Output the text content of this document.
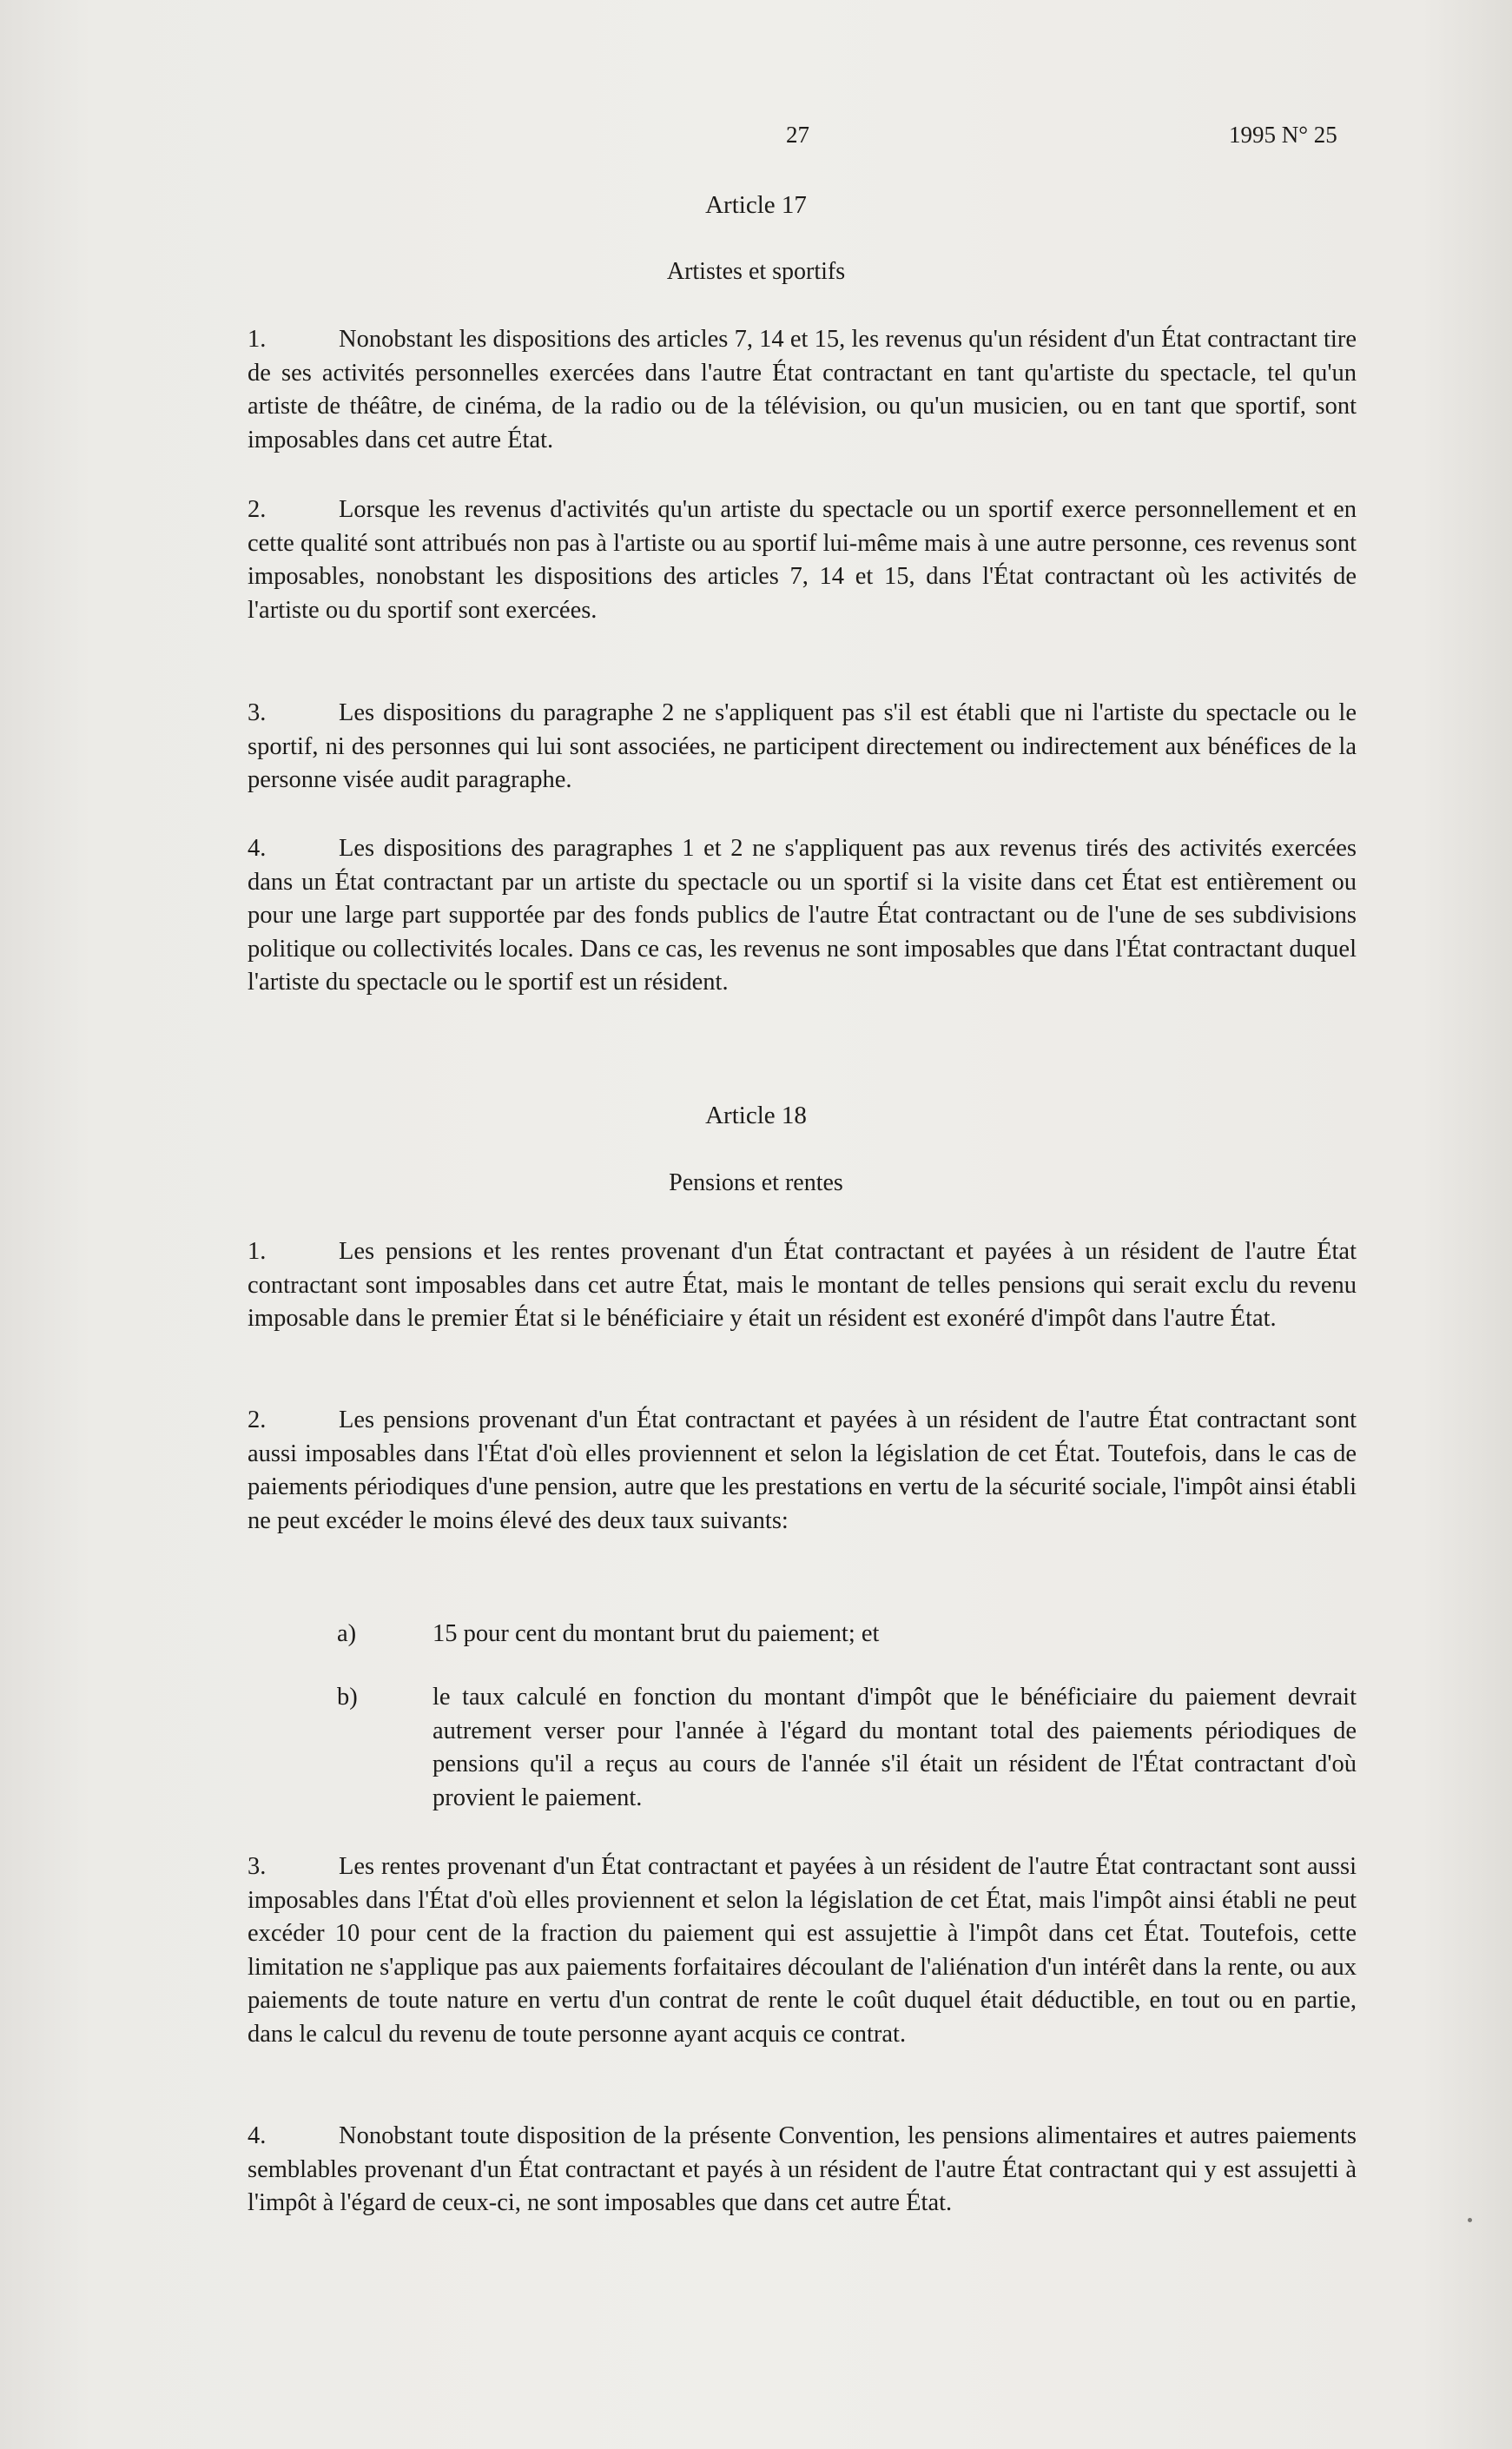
27	1995 N° 25
Article 17
Artistes et sportifs
1.	Nonobstant les dispositions des articles 7, 14 et 15, les revenus qu'un résident d'un État contractant tire de ses activités personnelles exercées dans l'autre État contractant en tant qu'artiste du spectacle, tel qu'un artiste de théâtre, de cinéma, de la radio ou de la télévision, ou qu'un musicien, ou en tant que sportif, sont imposables dans cet autre État.
2.	Lorsque les revenus d'activités qu'un artiste du spectacle ou un sportif exerce personnellement et en cette qualité sont attribués non pas à l'artiste ou au sportif lui-même mais à une autre personne, ces revenus sont imposables, nonobstant les dispositions des articles 7, 14 et 15, dans l'État contractant où les activités de l'artiste ou du sportif sont exercées.
3.	Les dispositions du paragraphe 2 ne s'appliquent pas s'il est établi que ni l'artiste du spectacle ou le sportif, ni des personnes qui lui sont associées, ne participent directement ou indirectement aux bénéfices de la personne visée audit paragraphe.
4.	Les dispositions des paragraphes 1 et 2 ne s'appliquent pas aux revenus tirés des activités exercées dans un État contractant par un artiste du spectacle ou un sportif si la visite dans cet État est entièrement ou pour une large part supportée par des fonds publics de l'autre État contractant ou de l'une de ses subdivisions politique ou collectivités locales. Dans ce cas, les revenus ne sont imposables que dans l'État contractant duquel l'artiste du spectacle ou le sportif est un résident.
Article 18
Pensions et rentes
1.	Les pensions et les rentes provenant d'un État contractant et payées à un résident de l'autre État contractant sont imposables dans cet autre État, mais le montant de telles pensions qui serait exclu du revenu imposable dans le premier État si le bénéficiaire y était un résident est exonéré d'impôt dans l'autre État.
2.	Les pensions provenant d'un État contractant et payées à un résident de l'autre État contractant sont aussi imposables dans l'État d'où elles proviennent et selon la législation de cet État. Toutefois, dans le cas de paiements périodiques d'une pension, autre que les prestations en vertu de la sécurité sociale, l'impôt ainsi établi ne peut excéder le moins élevé des deux taux suivants:
a)	15 pour cent du montant brut du paiement; et
b)	le taux calculé en fonction du montant d'impôt que le bénéficiaire du paiement devrait autrement verser pour l'année à l'égard du montant total des paiements périodiques de pensions qu'il a reçus au cours de l'année s'il était un résident de l'État contractant d'où provient le paiement.
3.	Les rentes provenant d'un État contractant et payées à un résident de l'autre État contractant sont aussi imposables dans l'État d'où elles proviennent et selon la législation de cet État, mais l'impôt ainsi établi ne peut excéder 10 pour cent de la fraction du paiement qui est assujettie à l'impôt dans cet État. Toutefois, cette limitation ne s'applique pas aux paiements forfaitaires découlant de l'aliénation d'un intérêt dans la rente, ou aux paiements de toute nature en vertu d'un contrat de rente le coût duquel était déductible, en tout ou en partie, dans le calcul du revenu de toute personne ayant acquis ce contrat.
4.	Nonobstant toute disposition de la présente Convention, les pensions alimentaires et autres paiements semblables provenant d'un État contractant et payés à un résident de l'autre État contractant qui y est assujetti à l'impôt à l'égard de ceux-ci, ne sont imposables que dans cet autre État.
